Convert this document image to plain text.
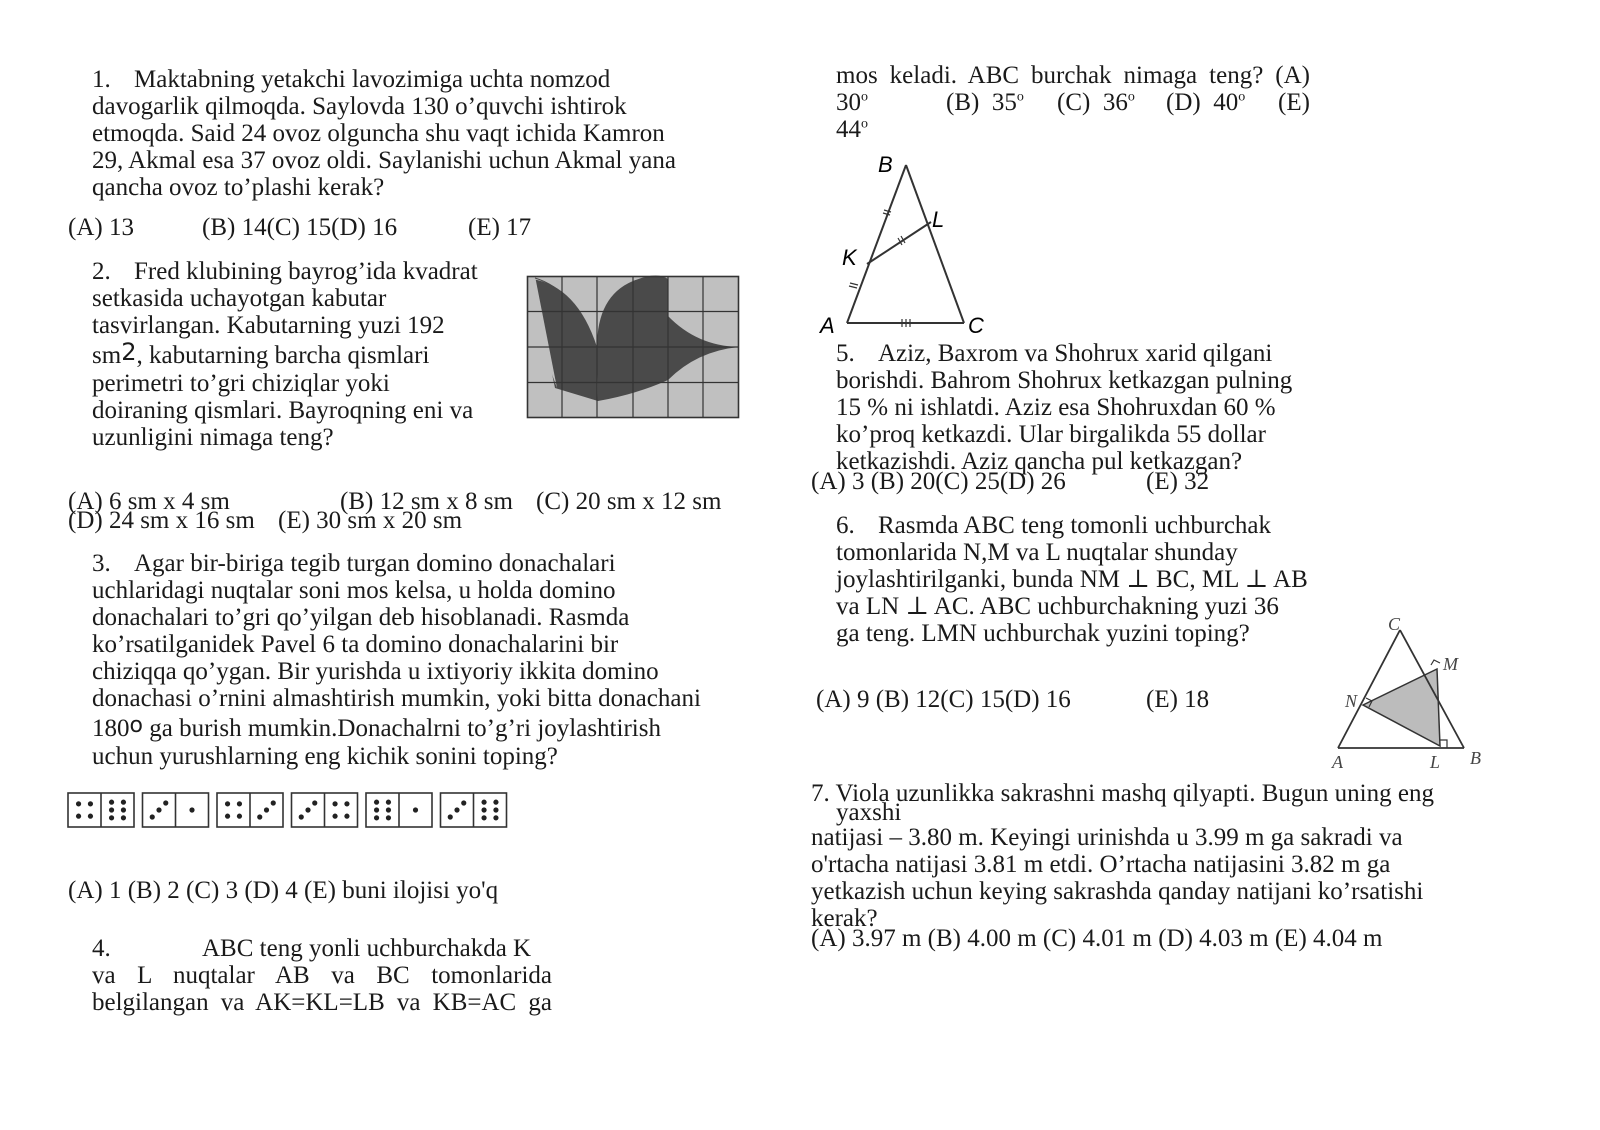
1. Maktabning yetakchi lavozimiga uchta nomzod
davogarlik qilmoqda. Saylovda 130 o’quvchi ishtirok
etmoqda. Said 24 ovoz olguncha shu vaqt ichida Kamron
29, Akmal esa 37 ovoz oldi. Saylanishi uchun Akmal yana
qancha ovoz to’plashi kerak?
(A) 13	(B) 14(C) 15(D) 16	(E) 17
2. Fred klubining bayrog’ida kvadrat
setkasida uchayotgan kabutar
tasvirlangan. Kabutarning yuzi 192
sm2, kabutarning barcha qismlari
perimetri to’gri chiziqlar yoki
doiraning qismlari. Bayroqning eni va
uzunligini nimaga teng?
(A) 6 sm x 4 sm	(B) 12 sm x 8 sm (C) 20 sm x 12 sm
(D) 24 sm x 16 sm (E) 30 sm x 20 sm
3. Agar bir-biriga tegib turgan domino donachalari
uchlaridagi nuqtalar soni mos kelsa, u holda domino
donachalari to’gri qo’yilgan deb hisoblanadi. Rasmda
ko’rsatilganidek Pavel 6 ta domino donachalarini bir
chiziqqa qo’ygan. Bir yurishda u ixtiyoriy ikkita domino
donachasi o’rnini almashtirish mumkin, yoki bitta donachani
180o ga burish mumkin.Donachalrni to’g’ri joylashtirish
uchun yurushlarning eng kichik sonini toping?
(A) 1 (B) 2 (C) 3 (D) 4 (E) buni ilojisi yo'q
4.	ABC teng yonli uchburchakda K
va L nuqtalar AB va BC tomonlarida
belgilangan va AK=KL=LB va KB=AC ga
mos keladi. ABC burchak nimaga teng? (A)
30$^o$	(B) 35$^o$ (C) 36$^o$ (D) 40$^o$ (E)
44$^o$
B
L
K
A	C
5. Aziz, Baxrom va Shohrux xarid qilgani
borishdi. Bahrom Shohrux ketkazgan pulning
15 % ni ishlatdi. Aziz esa Shohruxdan 60 %
ko’proq ketkazdi. Ular birgalikda 55 dollar
ketkazishdi. Aziz qancha pul ketkazgan?
(A) 3 (B) 20(C) 25(D) 26	(E) 32
6. Rasmda ABC teng tomonli uchburchak
tomonlarida N,M va L nuqtalar shunday
joylashtirilganki, bunda NM ⊥ BC, ML ⊥ AB
va LN ⊥ AC. ABC uchburchakning yuzi 36
ga teng. LMN uchburchak yuzini toping?
(A) 9 (B) 12(C) 15(D) 16	(E) 18
C
M
N
A	L B
7. Viola uzunlikka sakrashni mashq qilyapti. Bugun uning eng
yaxshi
natijasi – 3.80 m. Keyingi urinishda u 3.99 m ga sakradi va
o'rtacha natijasi 3.81 m etdi. O’rtacha natijasini 3.82 m ga
yetkazish uchun keying sakrashda qanday natijani ko’rsatishi
kerak?
(A) 3.97 m (B) 4.00 m (C) 4.01 m (D) 4.03 m (E) 4.04 m
